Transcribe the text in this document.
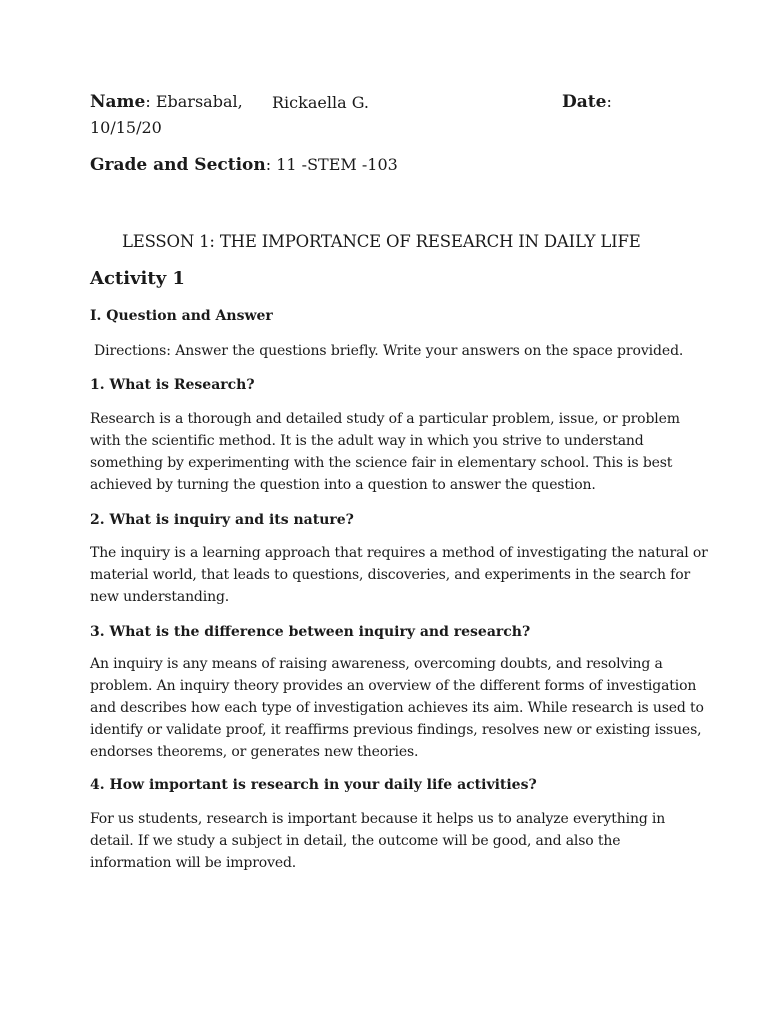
Name: Ebarsabal, Rickaella G.	Date:
10/15/20
Grade and Section: 11 -STEM -103
LESSON 1: THE IMPORTANCE OF RESEARCH IN DAILY LIFE
Activity 1
I. Question and Answer
Directions: Answer the questions briefly. Write your answers on the space provided.
1. What is Research?
Research is a thorough and detailed study of a particular problem, issue, or problem
with the scientific method. It is the adult way in which you strive to understand
something by experimenting with the science fair in elementary school. This is best
achieved by turning the question into a question to answer the question.
2. What is inquiry and its nature?
The inquiry is a learning approach that requires a method of investigating the natural or
material world, that leads to questions, discoveries, and experiments in the search for
new understanding.
3. What is the difference between inquiry and research?
An inquiry is any means of raising awareness, overcoming doubts, and resolving a
problem. An inquiry theory provides an overview of the different forms of investigation
and describes how each type of investigation achieves its aim. While research is used to
identify or validate proof, it reaffirms previous findings, resolves new or existing issues,
endorses theorems, or generates new theories.
4. How important is research in your daily life activities?
For us students, research is important because it helps us to analyze everything in
detail. If we study a subject in detail, the outcome will be good, and also the
information will be improved.
